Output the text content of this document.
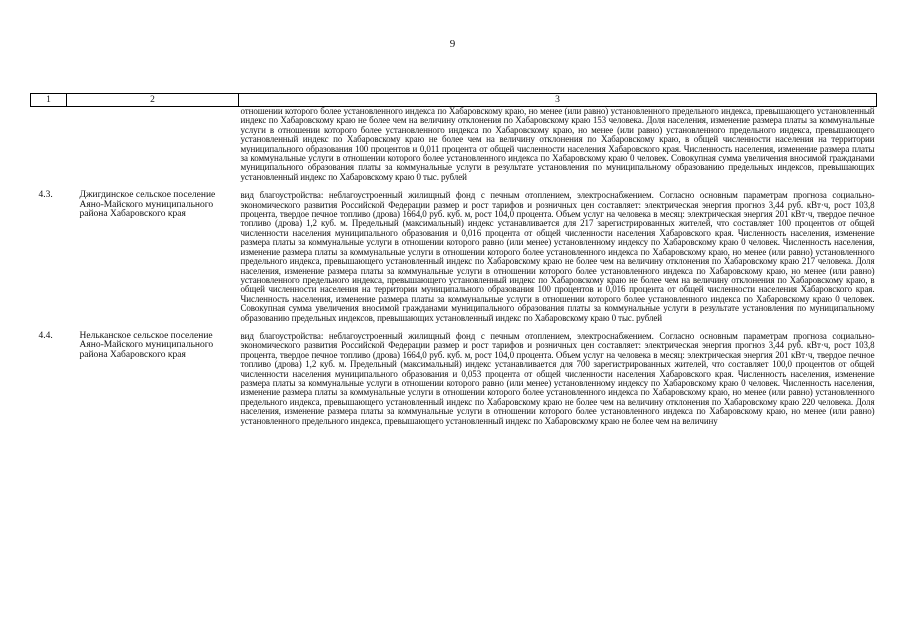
9
1	2	3
		отношении которого более установленного индекса по Хабаровскому краю, но менее (или равно) установленного предельного индекса, превышающего установленный индекс по Хабаровскому краю не более чем на величину отклонения по Хабаровскому краю 153 человека. Доля населения, изменение размера платы за коммунальные услуги в отношении которого более установленного индекса по Хабаровскому краю, но менее (или равно) установленного предельного индекса, превышающего установленный индекс по Хабаровскому краю не более чем на величину отклонения по Хабаровскому краю, в общей численности населения на территории муниципального образования 100 процентов и 0,011 процента от общей численности населения Хабаровского края. Численность населения, изменение размера платы за коммунальные услуги в отношении которого более установленного индекса по Хабаровскому краю 0 человек. Совокупная сумма увеличения вносимой гражданами муниципального образования платы за коммунальные услуги в результате установления по муниципальному образованию предельных индексов, превышающих установленный индекс по Хабаровскому краю 0 тыс. рублей

4.3.	Джигдинское сельское поселение Аяно-Майского муниципального района Хабаровского края	вид благоустройства: неблагоустроенный жилищный фонд с печным отоплением, электроснабжением. Согласно основным параметрам прогноза социально-экономического развития Российской Федерации размер и рост тарифов и розничных цен составляет: электрическая энергия прогноз 3,44 руб. кВт·ч, рост 103,8 процента, твердое печное топливо (дрова) 1664,0 руб. куб. м, рост 104,0 процента. Объем услуг на человека в месяц: электрическая энергия 201 кВт·ч, твердое печное топливо (дрова) 1,2 куб. м. Предельный (максимальный) индекс устанавливается для 217 зарегистрированных жителей, что составляет 100 процентов от общей численности населения муниципального образования и 0,016 процента от общей численности населения Хабаровского края. Численность населения, изменение размера платы за коммунальные услуги в отношении которого равно (или менее) установленному индексу по Хабаровскому краю 0 человек. Численность населения, изменение размера платы за коммунальные услуги в отношении которого более установленного индекса по Хабаровскому краю, но менее (или равно) установленного предельного индекса, превышающего установленный индекс по Хабаровскому краю не более чем на величину отклонения по Хабаровскому краю 217 человека. Доля населения, изменение размера платы за коммунальные услуги в отношении которого более установленного индекса по Хабаровскому краю, но менее (или равно) установленного предельного индекса, превышающего установленный индекс по Хабаровскому краю не более чем на величину отклонения по Хабаровскому краю, в общей численности населения на территории муниципального образования 100 процентов и 0,016 процента от общей численности населения Хабаровского края. Численность населения, изменение размера платы за коммунальные услуги в отношении которого более установленного индекса по Хабаровскому краю 0 человек. Совокупная сумма увеличения вносимой гражданами муниципального образования платы за коммунальные услуги в результате установления по муниципальному образованию предельных индексов, превышающих установленный индекс по Хабаровскому краю 0 тыс. рублей

4.4.	Нельканское сельское поселение Аяно-Майского муниципального района Хабаровского края	вид благоустройства: неблагоустроенный жилищный фонд с печным отоплением, электроснабжением. Согласно основным параметрам прогноза социально-экономического развития Российской Федерации размер и рост тарифов и розничных цен составляет: электрическая энергия прогноз 3,44 руб. кВт·ч, рост 103,8 процента, твердое печное топливо (дрова) 1664,0 руб. куб. м, рост 104,0 процента. Объем услуг на человека в месяц: электрическая энергия 201 кВт·ч, твердое печное топливо (дрова) 1,2 куб. м. Предельный (максимальный) индекс устанавливается для 700 зарегистрированных жителей, что составляет 100,0 процентов от общей численности населения муниципального образования и 0,053 процента от общей численности населения Хабаровского края. Численность населения, изменение размера платы за коммунальные услуги в отношении которого равно (или менее) установленному индексу по Хабаровскому краю 0 человек. Численность населения, изменение размера платы за коммунальные услуги в отношении которого более установленного индекса по Хабаровскому краю, но менее (или равно) установленного предельного индекса, превышающего установленный индекс по Хабаровскому краю не более чем на величину отклонения по Хабаровскому краю 220 человека. Доля населения, изменение размера платы за коммунальные услуги в отношении которого более установленного индекса по Хабаровскому краю, но менее (или равно) установленного предельного индекса, превышающего установленный индекс по Хабаровскому краю не более чем на величину
